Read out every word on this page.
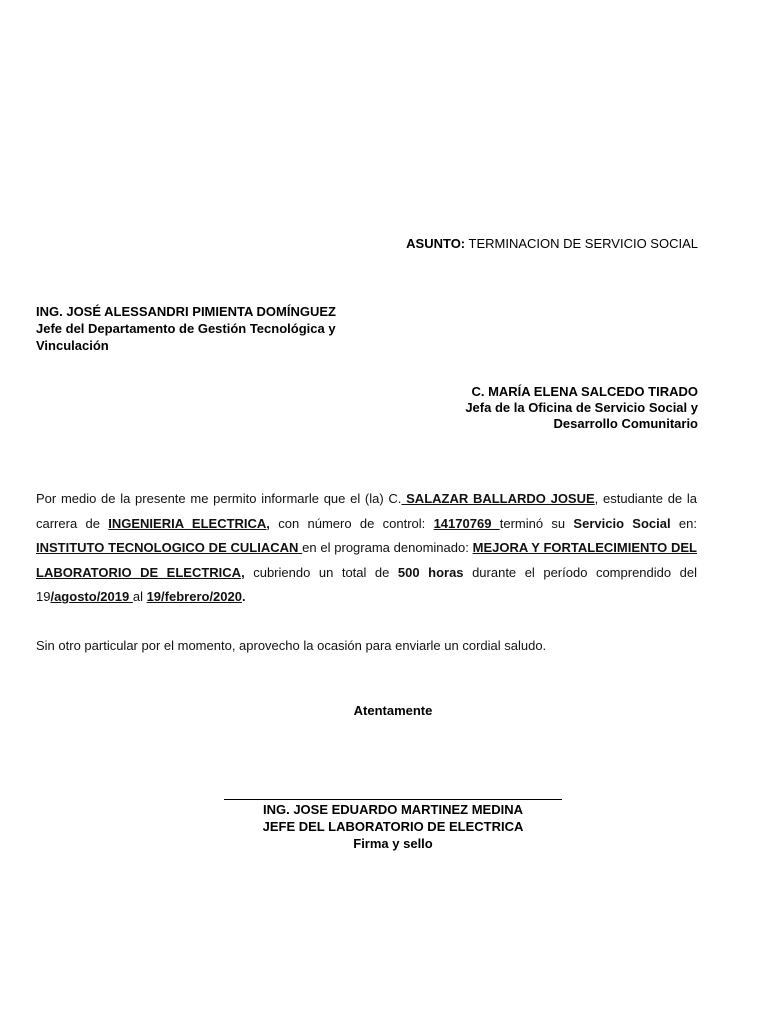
ASUNTO: TERMINACION DE SERVICIO SOCIAL
ING. JOSÉ ALESSANDRI PIMIENTA DOMÍNGUEZ
Jefe del Departamento de Gestión Tecnológica y Vinculación
C. MARÍA ELENA SALCEDO TIRADO
Jefa de la Oficina de Servicio Social y
Desarrollo Comunitario
Por medio de la presente me permito informarle que el (la) C. SALAZAR BALLARDO JOSUE, estudiante de la carrera de INGENIERIA ELECTRICA, con número de control: 14170769 terminó su Servicio Social en: INSTITUTO TECNOLOGICO DE CULIACAN en el programa denominado: MEJORA Y FORTALECIMIENTO DEL LABORATORIO DE ELECTRICA, cubriendo un total de 500 horas durante el período comprendido del 19/agosto/2019 al 19/febrero/2020.
Sin otro particular por el momento, aprovecho la ocasión para enviarle un cordial saludo.
Atentamente
ING. JOSE EDUARDO MARTINEZ MEDINA
JEFE DEL LABORATORIO DE ELECTRICA
Firma y sello
